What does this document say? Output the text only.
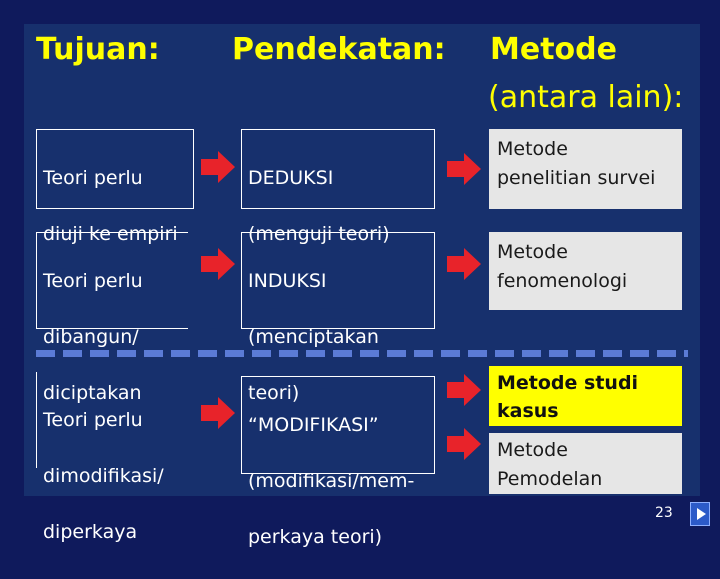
Tujuan: Pendekatan: Metode
(antara lain):

Teori perlu

diuji ke empiri

DEDUKSI

(menguji teori)

Metode
penelitian survei

Teori perlu

dibangun/

diciptakan

INDUKSI

(menciptakan

teori)

Metode
fenomenologi

Teori perlu

dimodifikasi/

diperkaya

“MODIFIKASI”

(modifikasi/mem-

perkaya teori)

Metode studi
kasus
Metode
Pemodelan
23
